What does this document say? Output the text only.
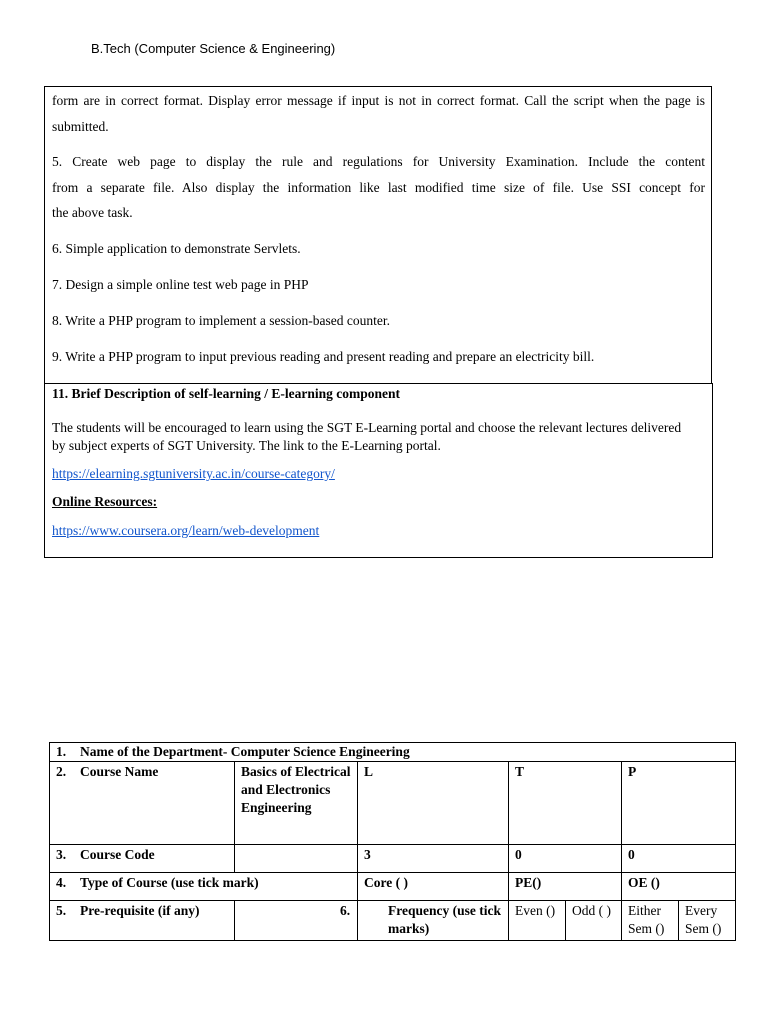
B.Tech (Computer Science & Engineering)
form are in correct format. Display error message if input is not in correct format. Call the script when the page is submitted.
5. Create web page to display the rule and regulations for University Examination. Include the content
from a separate file. Also display the information like last modified time size of file. Use SSI concept for
the above task.
6. Simple application to demonstrate Servlets.
7. Design a simple online test web page in PHP
8. Write a PHP program to implement a session-based counter.
9. Write a PHP program to input previous reading and present reading and prepare an electricity bill.
11. Brief Description of self-learning / E-learning component
The students will be encouraged to learn using the SGT E-Learning portal and choose the relevant lectures delivered by subject experts of SGT University. The link to the E-Learning portal.
https://elearning.sgtuniversity.ac.in/course-category/
Online Resources:
https://www.coursera.org/learn/web-development
1. Name of the Department- Computer Science Engineering						
2. Course Name	Basics of Electrical and Electronics Engineering	L	T		P	
3. Course Code		3	0		0	
4. Type of Course (use tick mark)		Core ( )	PE()		OE ()	
5. Pre-requisite (if any)		6. Frequency (use tick marks)	Even ()	Odd ( )	Either Sem ()	Every Sem ()
